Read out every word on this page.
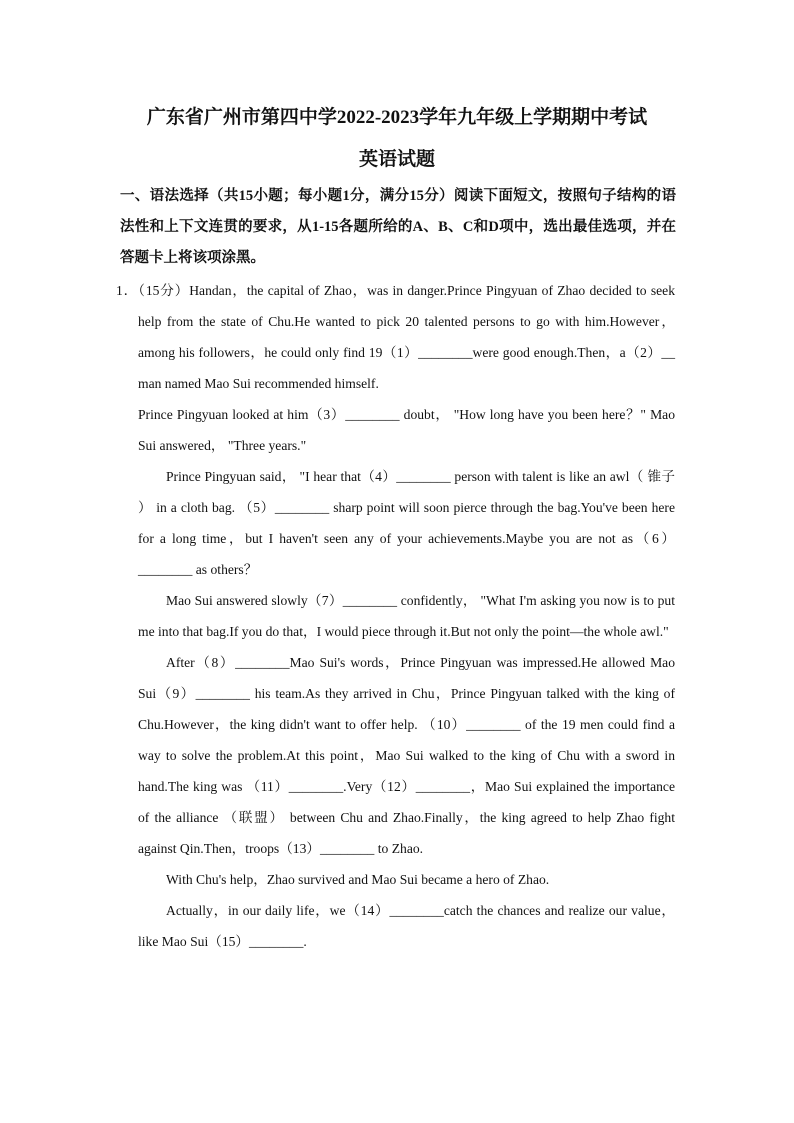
广东省广州市第四中学2022-2023学年九年级上学期期中考试
英语试题
一、语法选择（共15小题；每小题1分，满分15分）阅读下面短文，按照句子结构的语法性和上下文连贯的要求，从1-15各题所给的A、B、C和D项中，选出最佳选项，并在答题卡上将该项涂黑。

1．（15分）Handan，the capital of Zhao，was in danger.Prince Pingyuan of Zhao decided to seek help from the state of Chu.He wanted to pick 20 talented persons to go with him.However，among his followers，he could only find 19（1）________were good enough.Then，a（2）__ man named Mao Sui recommended himself.

Prince Pingyuan looked at him（3）________ doubt， "How long have you been here？" Mao Sui answered， "Three years."

Prince Pingyuan said， "I hear that（4）________ person with talent is like an awl（ 锥子 ） in a cloth bag. （5）________ sharp point will soon pierce through the bag.You've been here for a long time，but I haven't seen any of your achievements.Maybe you are not as（6）________ as others？

Mao Sui answered slowly（7）________ confidently， "What I'm asking you now is to put me into that bag.If you do that，I would piece through it.But not only the point—the whole awl."

After（8）________Mao Sui's words，Prince Pingyuan was impressed.He allowed Mao Sui（9）________ his team.As they arrived in Chu，Prince Pingyuan talked with the king of Chu.However，the king didn't want to offer help. （10）________ of the 19 men could find a way to solve the problem.At this point，Mao Sui walked to the king of Chu with a sword in hand.The king was （11）________.Very（12）________，Mao Sui explained the importance of the alliance （联盟） between Chu and Zhao.Finally，the king agreed to help Zhao fight against Qin.Then，troops（13）________ to Zhao.

With Chu's help，Zhao survived and Mao Sui became a hero of Zhao.

Actually，in our daily life，we（14）________catch the chances and realize our value，like Mao Sui（15）________.
